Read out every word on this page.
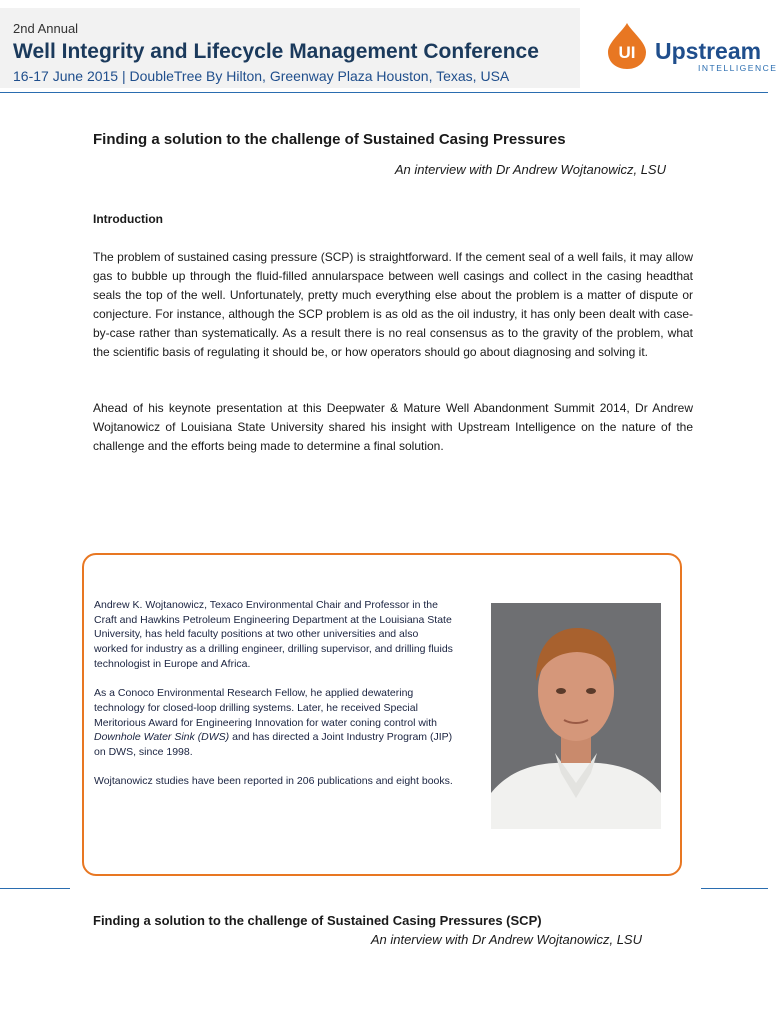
2nd Annual
Well Integrity and Lifecycle Management Conference
16-17 June 2015 | DoubleTree By Hilton, Greenway Plaza Houston, Texas, USA
UI Upstream
INTELLIGENCE
Finding a solution to the challenge of Sustained Casing Pressures
An interview with Dr Andrew Wojtanowicz, LSU
Introduction
The problem of sustained casing pressure (SCP) is straightforward. If the cement seal of a well fails, it may allow gas to bubble up through the fluid-filled annularspace between well casings and collect in the casing headthat seals the top of the well. Unfortunately, pretty much everything else about the problem is a matter of dispute or conjecture. For instance, although the SCP problem is as old as the oil industry, it has only been dealt with case-by-case rather than systematically. As a result there is no real consensus as to the gravity of the problem, what the scientific basis of regulating it should be, or how operators should go about diagnosing and solving it.
Ahead of his keynote presentation at this Deepwater & Mature Well Abandonment Summit 2014, Dr Andrew Wojtanowicz of Louisiana State University shared his insight with Upstream Intelligence on the nature of the challenge and the efforts being made to determine a final solution.

Andrew K. Wojtanowicz, Texaco Environmental Chair and Professor in the Craft and Hawkins Petroleum Engineering Department at the Louisiana State University, has held faculty positions at two other universities and also worked for industry as a drilling engineer, drilling supervisor, and drilling fluids technologist in Europe and Africa.

As a Conoco Environmental Research Fellow, he applied dewatering technology for closed-loop drilling systems. Later, he received Special Meritorious Award for Engineering Innovation for water coning control with Downhole Water Sink (DWS) and has directed a Joint Industry Program (JIP) on DWS, since 1998.

Wojtanowicz studies have been reported in 206 publications and eight books.

Finding a solution to the challenge of Sustained Casing Pressures (SCP)
An interview with Dr Andrew Wojtanowicz, LSU
